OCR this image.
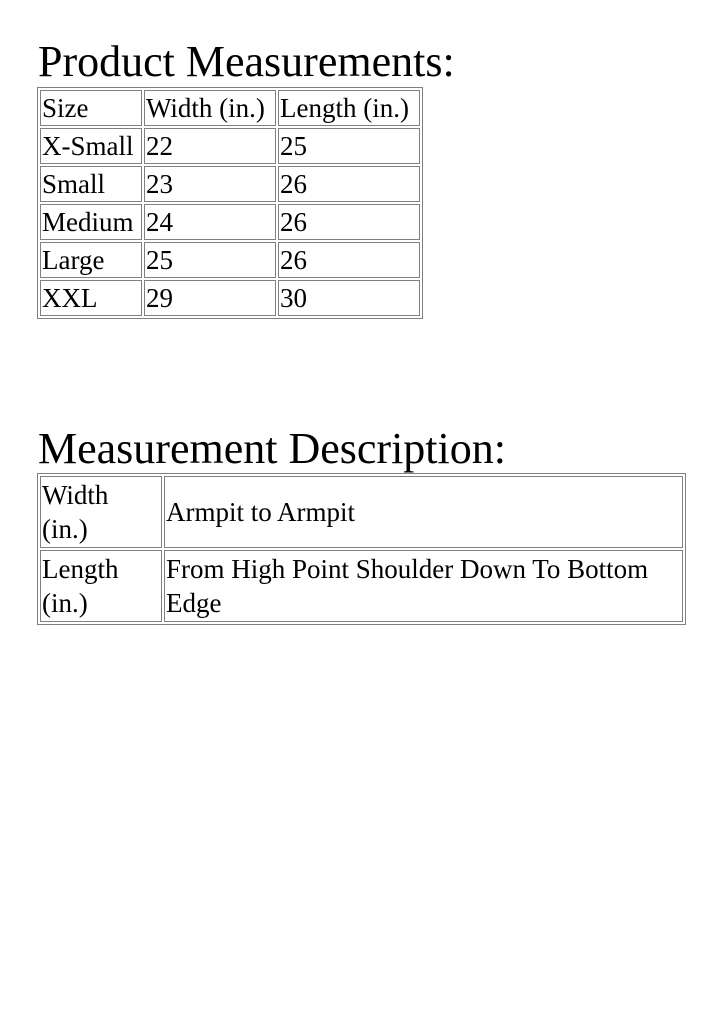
Product Measurements:
Size	Width (in.)	Length (in.)
X-Small	22	25
Small	23	26
Medium	24	26
Large	25	26
XXL	29	30
Measurement Description:
Width (in.)	Armpit to Armpit
Length (in.)	From High Point Shoulder Down To Bottom Edge
